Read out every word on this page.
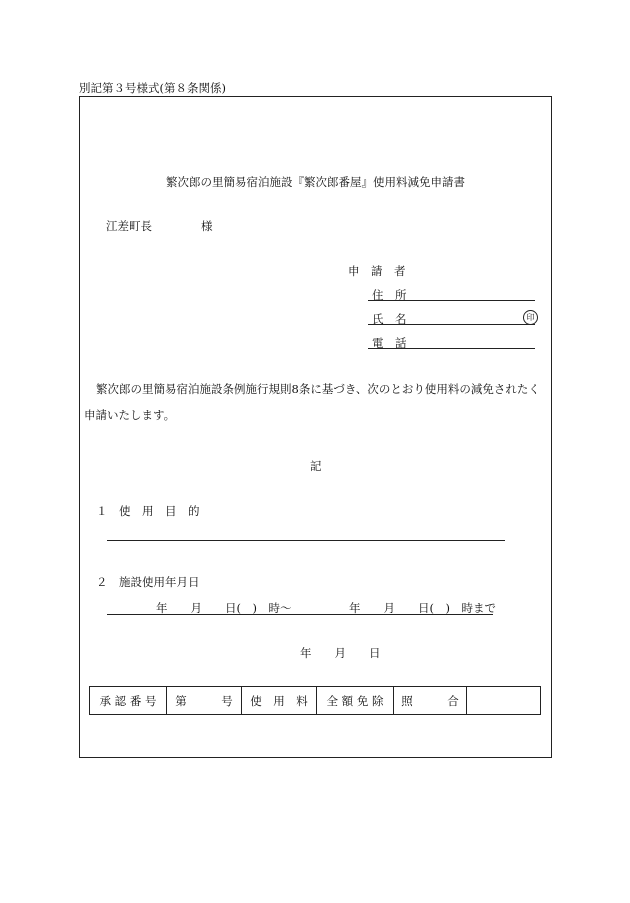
別記第３号様式(第８条関係)
繁次郎の里簡易宿泊施設『繁次郎番屋』使用料減免申請書
江差町長	様
申　請　者
住　所
氏　名	印
電　話
繁次郎の里簡易宿泊施設条例施行規則8条に基づき、次のとおり使用料の減免されたく申請いたします。
記
１　使　用　目　的
２　施設使用年月日
年　　月　　日(　)　時～　　　　　年　　月　　日(　)　時まで
年　　月　　日
承 認 番 号	第　　　号	使　用　料	全 額 免 除	照　　　合	
